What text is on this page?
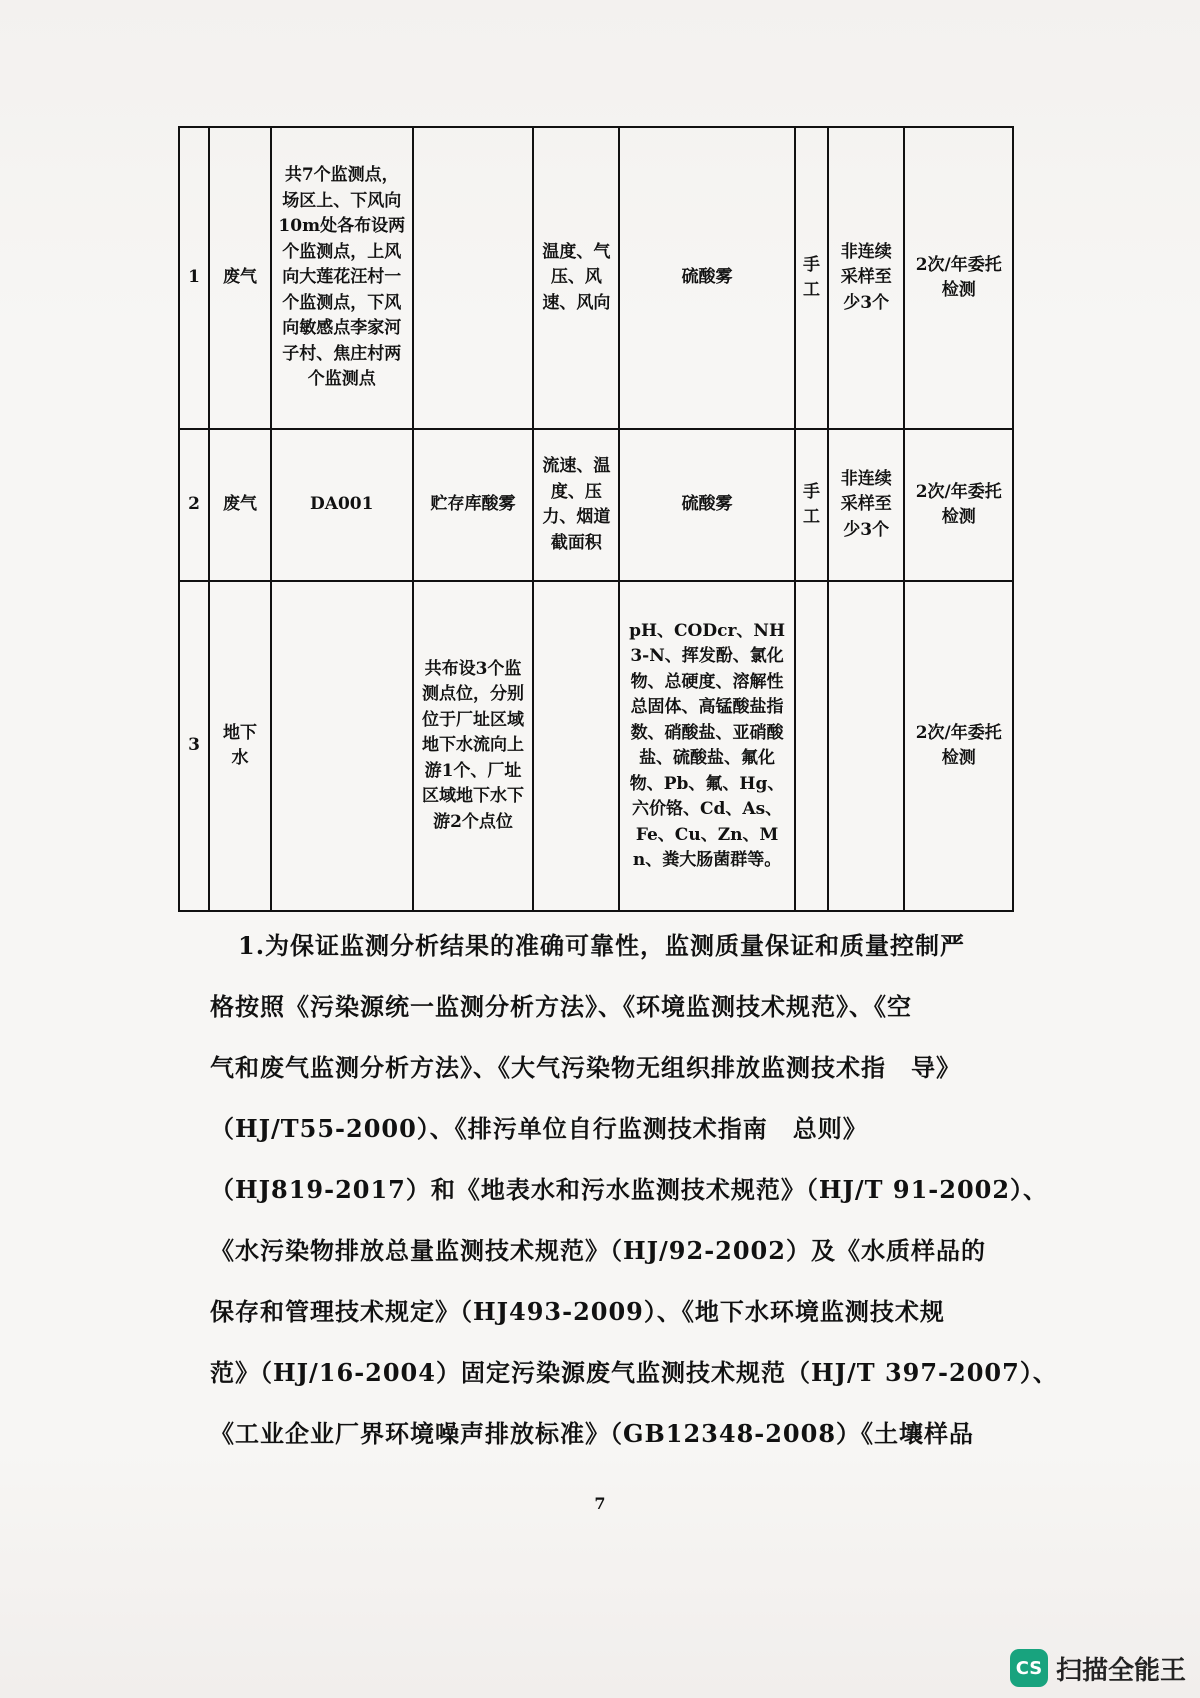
1	废气	共7个监测点，场区上、下风向10m处各布设两个监测点，上风向大莲花汪村一个监测点，下风向敏感点李家河子村、焦庄村两个监测点		温度、气压、风速、风向	硫酸雾	手工	非连续采样至少3个	2次/年委托检测
2	废气	DA001	贮存库酸雾	流速、温度、压力、烟道截面积	硫酸雾	手工	非连续采样至少3个	2次/年委托检测
3	地下水		共布设3个监测点位，分别位于厂址区域地下水流向上游1个、厂址区域地下水下游2个点位		pH、CODcr、NH3-N、挥发酚、氯化物、总硬度、溶解性总固体、高锰酸盐指数、硝酸盐、亚硝酸盐、硫酸盐、氟化物、Pb、氟、Hg、六价铬、Cd、As、Fe、Cu、Zn、Mn、粪大肠菌群等。			2次/年委托检测

1.为保证监测分析结果的准确可靠性，监测质量保证和质量控制严

格按照《污染源统一监测分析方法》、《环境监测技术规范》、《空

气和废气监测分析方法》、《大气污染物无组织排放监测技术指　导》

（HJ/T55-2000）、《排污单位自行监测技术指南　总则》

（HJ819-2017）和《地表水和污水监测技术规范》（HJ/T 91-2002）、

《水污染物排放总量监测技术规范》（HJ/92-2002）及《水质样品的

保存和管理技术规定》（HJ493-2009）、《地下水环境监测技术规

范》（HJ/16-2004）固定污染源废气监测技术规范（HJ/T 397-2007）、

《工业企业厂界环境噪声排放标准》（GB12348-2008）《土壤样品

7
CS 扫描全能王
